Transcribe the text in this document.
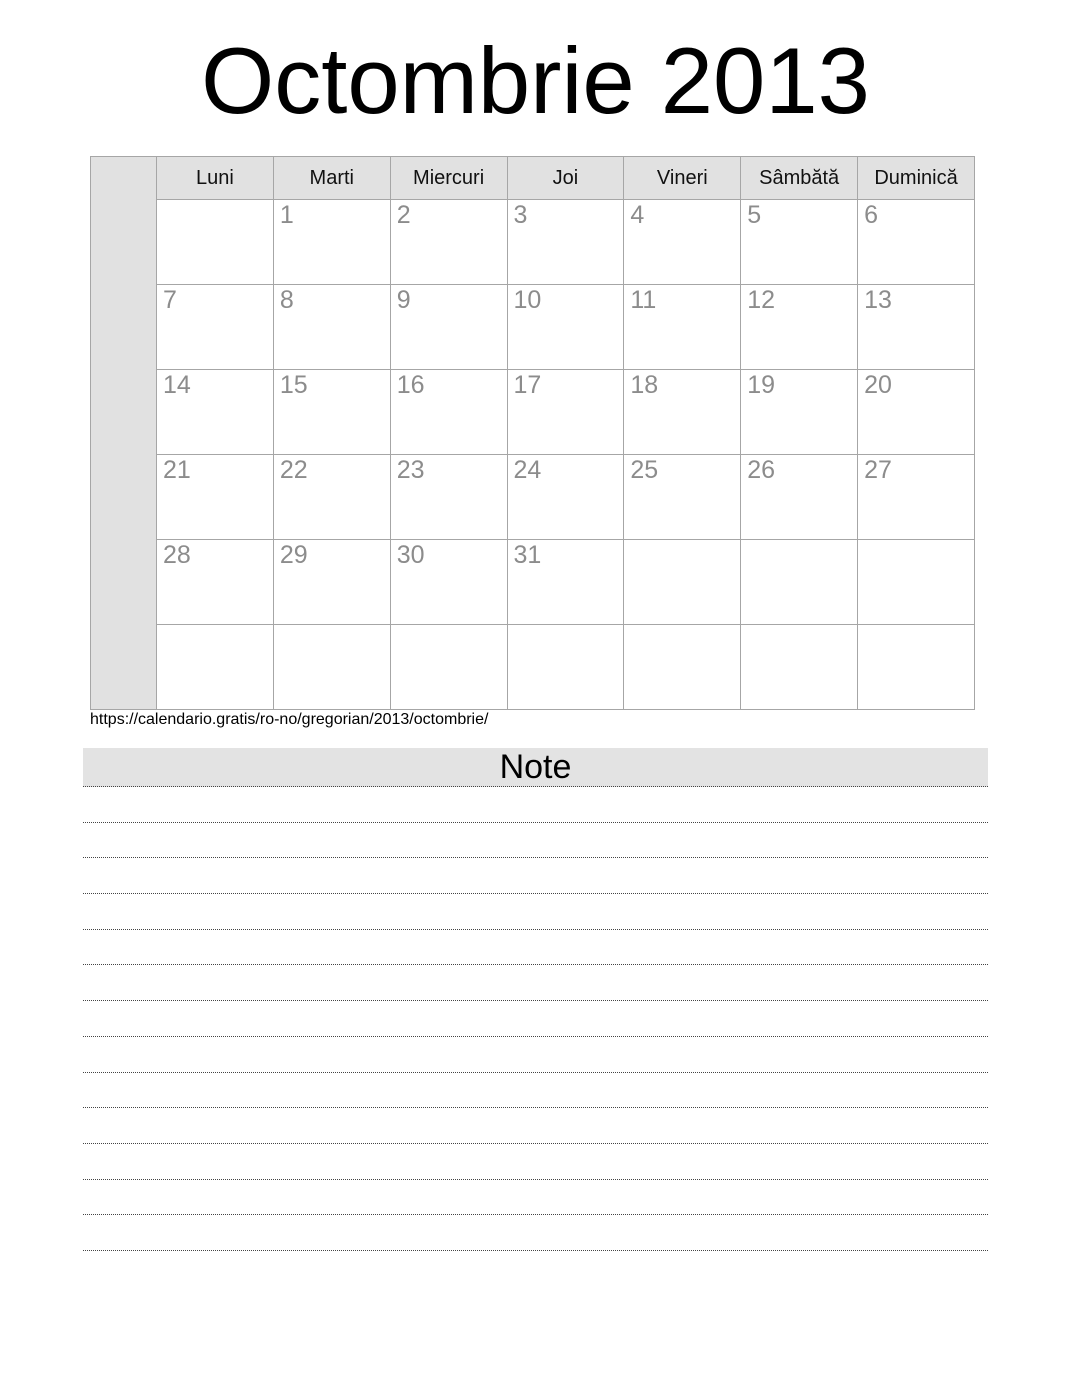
Octombrie 2013
	Luni	Marti	Miercuri	Joi	Vineri	Sâmbătă	Duminică
		1	2	3	4	5	6
	7	8	9	10	11	12	13
	14	15	16	17	18	19	20
	21	22	23	24	25	26	27
	28	29	30	31			

https://calendario.gratis/ro-no/gregorian/2013/octombrie/
Note
